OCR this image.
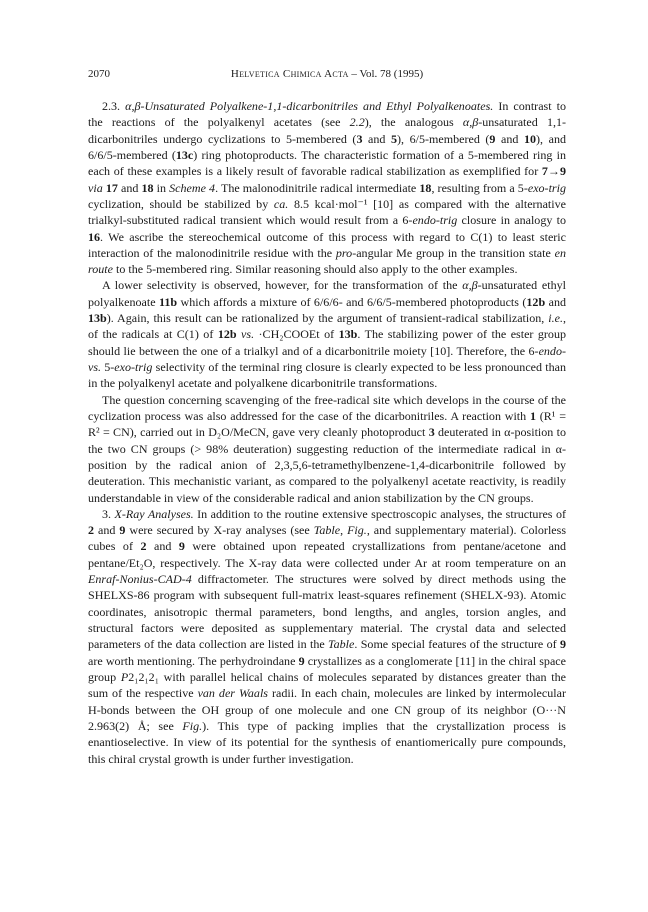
2070	Helvetica Chimica Acta – Vol. 78 (1995)

2.3. α,β-Unsaturated Polyalkene-1,1-dicarbonitriles and Ethyl Polyalkenoates. In contrast to the reactions of the polyalkenyl acetates (see 2.2), the analogous α,β-unsaturated 1,1-dicarbonitriles undergo cyclizations to 5-membered (3 and 5), 6/5-membered (9 and 10), and 6/6/5-membered (13c) ring photoproducts. The characteristic formation of a 5-membered ring in each of these examples is a likely result of favorable radical stabilization as exemplified for 7→9 via 17 and 18 in Scheme 4. The malonodinitrile radical intermediate 18, resulting from a 5-exo-trig cyclization, should be stabilized by ca. 8.5 kcal·mol⁻¹ [10] as compared with the alternative trialkyl-substituted radical transient which would result from a 6-endo-trig closure in analogy to 16. We ascribe the stereochemical outcome of this process with regard to C(1) to least steric interaction of the malonodinitrile residue with the pro-angular Me group in the transition state en route to the 5-membered ring. Similar reasoning should also apply to the other examples.

A lower selectivity is observed, however, for the transformation of the α,β-unsaturated ethyl polyalkenoate 11b which affords a mixture of 6/6/6- and 6/6/5-membered photoproducts (12b and 13b). Again, this result can be rationalized by the argument of transient-radical stabilization, i.e., of the radicals at C(1) of 12b vs. ·CH₂COOEt of 13b. The stabilizing power of the ester group should lie between the one of a trialkyl and of a dicarbonitrile moiety [10]. Therefore, the 6-endo- vs. 5-exo-trig selectivity of the terminal ring closure is clearly expected to be less pronounced than in the polyalkenyl acetate and polyalkene dicarbonitrile transformations.

The question concerning scavenging of the free-radical site which develops in the course of the cyclization process was also addressed for the case of the dicarbonitriles. A reaction with 1 (R¹ = R² = CN), carried out in D₂O/MeCN, gave very cleanly photoproduct 3 deuterated in α-position to the two CN groups (> 98% deuteration) suggesting reduction of the intermediate radical in α-position by the radical anion of 2,3,5,6-tetramethylbenzene-1,4-dicarbonitrile followed by deuteration. This mechanistic variant, as compared to the polyalkenyl acetate reactivity, is readily understandable in view of the considerable radical and anion stabilization by the CN groups.

3. X-Ray Analyses. In addition to the routine extensive spectroscopic analyses, the structures of 2 and 9 were secured by X-ray analyses (see Table, Fig., and supplementary material). Colorless cubes of 2 and 9 were obtained upon repeated crystallizations from pentane/acetone and pentane/Et₂O, respectively. The X-ray data were collected under Ar at room temperature on an Enraf-Nonius-CAD-4 diffractometer. The structures were solved by direct methods using the SHELXS-86 program with subsequent full-matrix least-squares refinement (SHELX-93). Atomic coordinates, anisotropic thermal parameters, bond lengths, and angles, torsion angles, and structural factors were deposited as supplementary material. The crystal data and selected parameters of the data collection are listed in the Table. Some special features of the structure of 9 are worth mentioning. The perhydroindane 9 crystallizes as a conglomerate [11] in the chiral space group P2₁2₁2₁ with parallel helical chains of molecules separated by distances greater than the sum of the respective van der Waals radii. In each chain, molecules are linked by intermolecular H-bonds between the OH group of one molecule and one CN group of its neighbor (O···N 2.963(2) Å; see Fig.). This type of packing implies that the crystallization process is enantioselective. In view of its potential for the synthesis of enantiomerically pure compounds, this chiral crystal growth is under further investigation.
